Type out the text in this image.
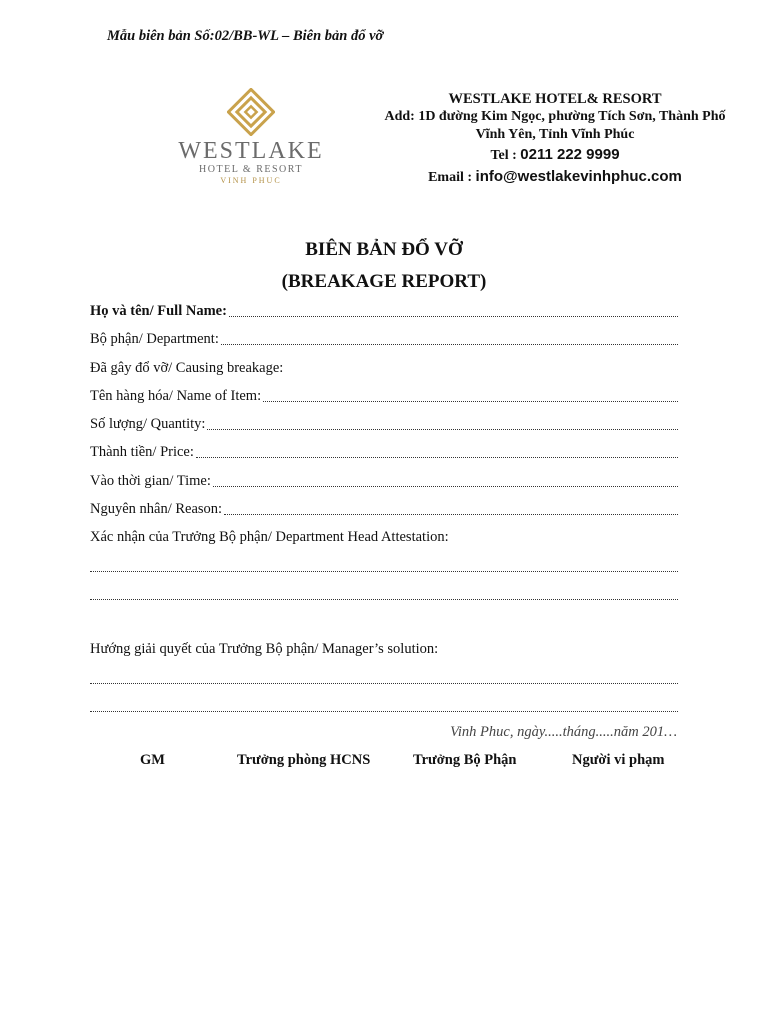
Mẫu biên bản Số:02/BB-WL – Biên bản đổ vỡ
WESTLAKE
HOTEL & RESORT
VINH PHUC
WESTLAKE HOTEL& RESORT
Add: 1D đường Kim Ngọc, phường Tích Sơn, Thành Phố
Vĩnh Yên, Tỉnh Vĩnh Phúc
Tel : 0211 222 9999
Email : info@westlakevinhphuc.com
BIÊN BẢN ĐỔ VỠ
(BREAKAGE REPORT)
Họ và tên/ Full Name:
Bộ phận/ Department:
Đã gây đổ vỡ/ Causing breakage:
Tên hàng hóa/ Name of Item:
Số lượng/ Quantity:
Thành tiền/ Price:
Vào thời gian/ Time:
Nguyên nhân/ Reason:
Xác nhận của Trưởng Bộ phận/ Department Head Attestation:
Hướng giải quyết của Trưởng Bộ phận/ Manager’s solution:
Vinh Phuc, ngày.....tháng.....năm 201…
GM	Trưởng phòng HCNS	Trưởng Bộ Phận	Người vi phạm
